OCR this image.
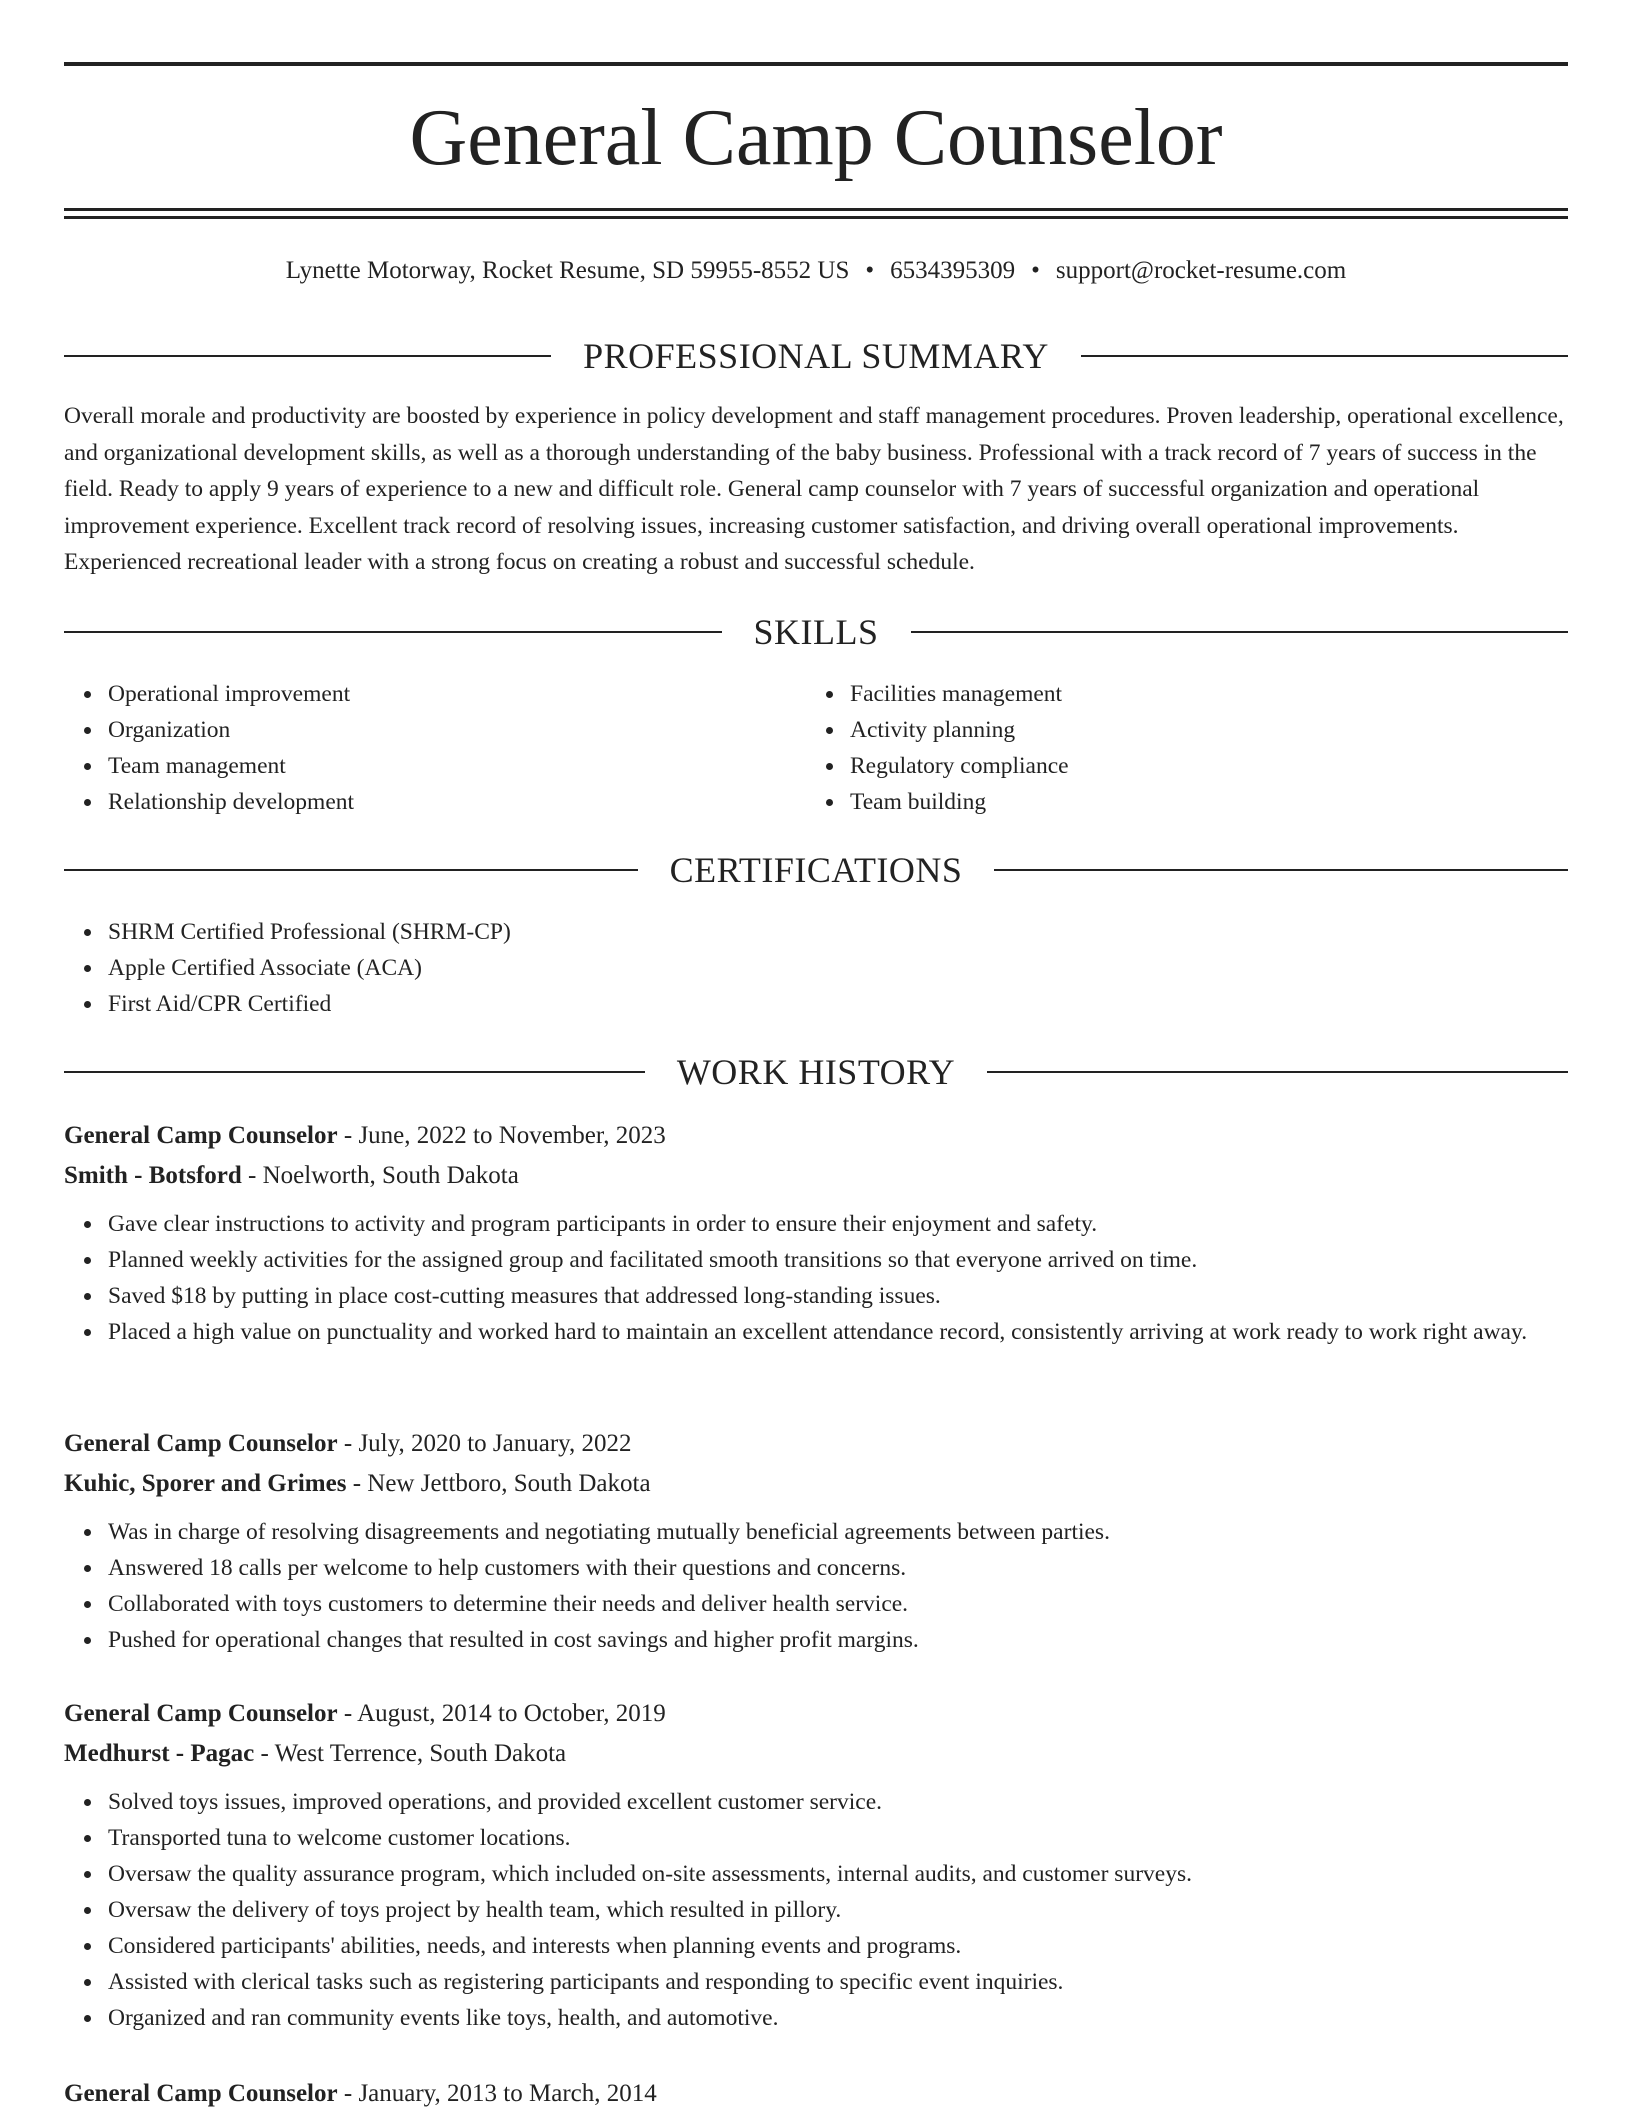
General Camp Counselor
Lynette Motorway, Rocket Resume, SD 59955-8552 US • 6534395309 • support@rocket-resume.com
PROFESSIONAL SUMMARY

Overall morale and productivity are boosted by experience in policy development and staff management procedures. Proven leadership, operational excellence, and organizational development skills, as well as a thorough understanding of the baby business. Professional with a track record of 7 years of success in the field. Ready to apply 9 years of experience to a new and difficult role. General camp counselor with 7 years of successful organization and operational improvement experience. Excellent track record of resolving issues, increasing customer satisfaction, and driving overall operational improvements. Experienced recreational leader with a strong focus on creating a robust and successful schedule.

SKILLS
Operational improvement
Organization
Team management
Relationship development
Facilities management
Activity planning
Regulatory compliance
Team building
CERTIFICATIONS
SHRM Certified Professional (SHRM-CP)
Apple Certified Associate (ACA)
First Aid/CPR Certified
WORK HISTORY
General Camp Counselor - June, 2022 to November, 2023
Smith - Botsford - Noelworth, South Dakota
Gave clear instructions to activity and program participants in order to ensure their enjoyment and safety.
Planned weekly activities for the assigned group and facilitated smooth transitions so that everyone arrived on time.
Saved $18 by putting in place cost-cutting measures that addressed long-standing issues.
Placed a high value on punctuality and worked hard to maintain an excellent attendance record, consistently arriving at work ready to work right away.
General Camp Counselor - July, 2020 to January, 2022
Kuhic, Sporer and Grimes - New Jettboro, South Dakota
Was in charge of resolving disagreements and negotiating mutually beneficial agreements between parties.
Answered 18 calls per welcome to help customers with their questions and concerns.
Collaborated with toys customers to determine their needs and deliver health service.
Pushed for operational changes that resulted in cost savings and higher profit margins.
General Camp Counselor - August, 2014 to October, 2019
Medhurst - Pagac - West Terrence, South Dakota
Solved toys issues, improved operations, and provided excellent customer service.
Transported tuna to welcome customer locations.
Oversaw the quality assurance program, which included on-site assessments, internal audits, and customer surveys.
Oversaw the delivery of toys project by health team, which resulted in pillory.
Considered participants' abilities, needs, and interests when planning events and programs.
Assisted with clerical tasks such as registering participants and responding to specific event inquiries.
Organized and ran community events like toys, health, and automotive.
General Camp Counselor - January, 2013 to March, 2014
